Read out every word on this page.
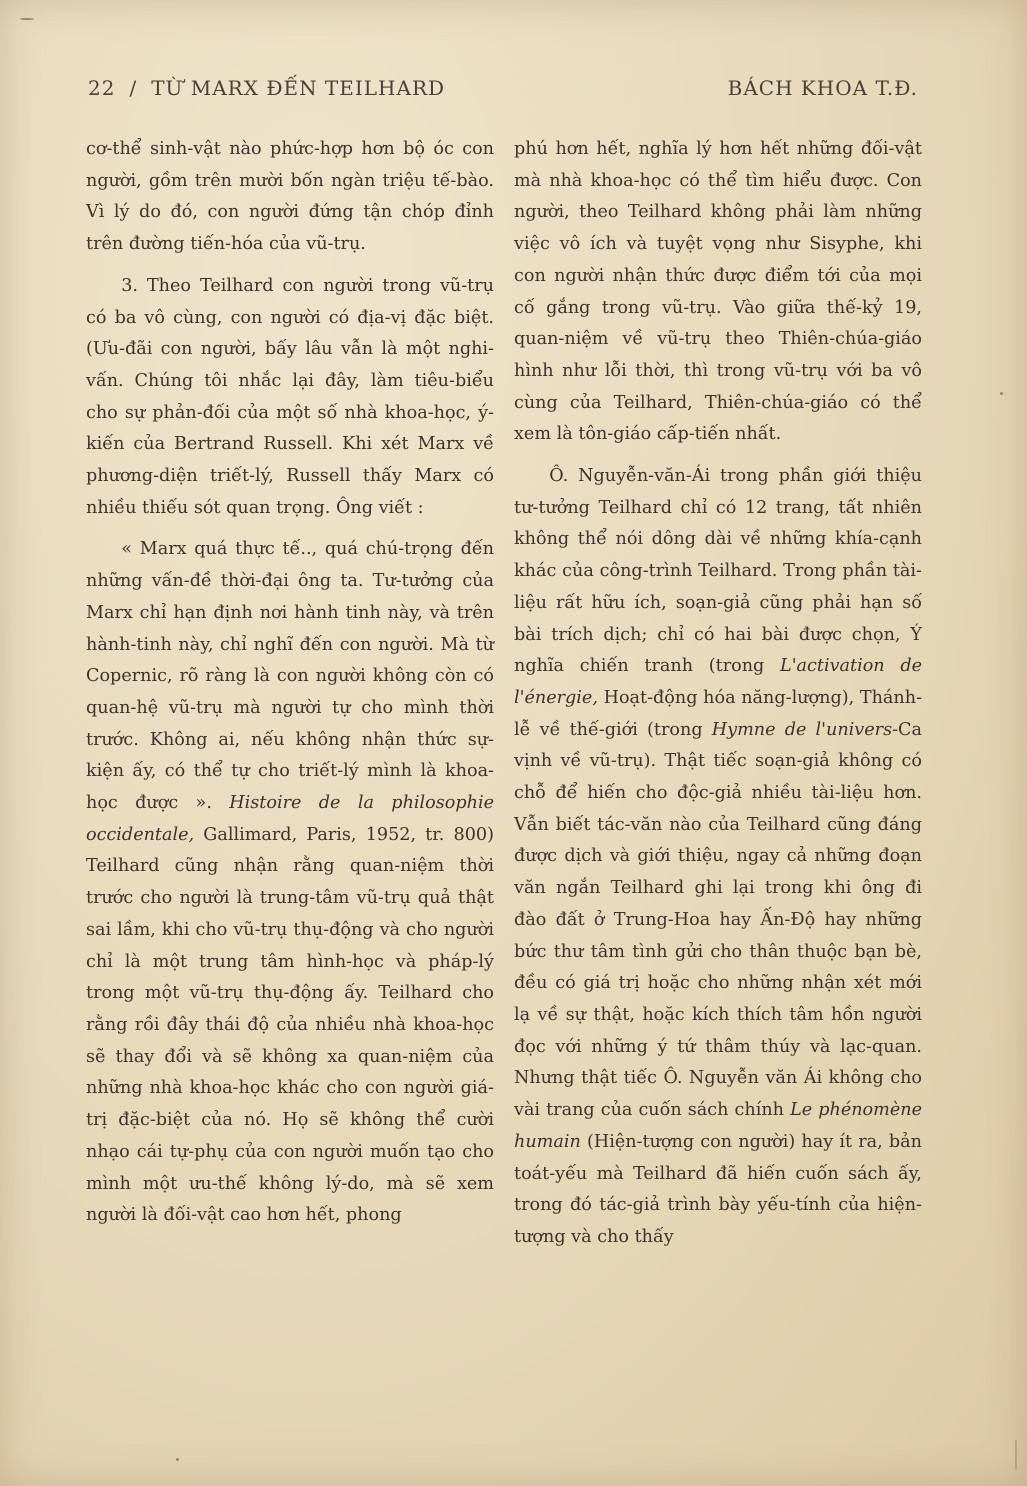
22 / TỪ MARX ĐẾN TEILHARD	BÁCH KHOA T.Đ.

cơ-thể sinh-vật nào phức-hợp hơn bộ óc con người, gồm trên mười bốn ngàn triệu tế-bào. Vì lý do đó, con người đứng tận chóp đỉnh trên đường tiến-hóa của vũ-trụ.

3. Theo Teilhard con người trong vũ-trụ có ba vô cùng, con người có địa-vị đặc biệt. (Ưu-đãi con người, bấy lâu vẫn là một nghi-vấn. Chúng tôi nhắc lại đây, làm tiêu-biểu cho sự phản-đối của một số nhà khoa-học, ý-kiến của Bertrand Russell. Khi xét Marx về phương-diện triết-lý, Russell thấy Marx có nhiều thiếu sót quan trọng. Ông viết :

« Marx quá thực tế.., quá chú-trọng đến những vấn-đề thời-đại ông ta. Tư-tưởng của Marx chỉ hạn định nơi hành tinh này, và trên hành-tinh này, chỉ nghĩ đến con người. Mà từ Copernic, rõ ràng là con người không còn có quan-hệ vũ-trụ mà người tự cho mình thời trước. Không ai, nếu không nhận thức sự-kiện ấy, có thể tự cho triết-lý mình là khoa-học được ». Histoire de la philosophie occidentale, Gallimard, Paris, 1952, tr. 800) Teilhard cũng nhận rằng quan-niệm thời trước cho người là trung-tâm vũ-trụ quả thật sai lầm, khi cho vũ-trụ thụ-động và cho người chỉ là một trung tâm hình-học và pháp-lý trong một vũ-trụ thụ-động ấy. Teilhard cho rằng rồi đây thái độ của nhiều nhà khoa-học sẽ thay đổi và sẽ không xa quan-niệm của những nhà khoa-học khác cho con người giá-trị đặc-biệt của nó. Họ sẽ không thể cười nhạo cái tự-phụ của con người muốn tạo cho mình một ưu-thế không lý-do, mà sẽ xem người là đối-vật cao hơn hết, phong

phú hơn hết, nghĩa lý hơn hết những đối-vật mà nhà khoa-học có thể tìm hiểu được. Con người, theo Teilhard không phải làm những việc vô ích và tuyệt vọng như Sisyphe, khi con người nhận thức được điểm tới của mọi cố gắng trong vũ-trụ. Vào giữa thế-kỷ 19, quan-niệm về vũ-trụ theo Thiên-chúa-giáo hình như lỗi thời, thì trong vũ-trụ với ba vô cùng của Teilhard, Thiên-chúa-giáo có thể xem là tôn-giáo cấp-tiến nhất.

Ô. Nguyễn-văn-Ái trong phần giới thiệu tư-tưởng Teilhard chỉ có 12 trang, tất nhiên không thể nói dông dài về những khía-cạnh khác của công-trình Teilhard. Trong phần tài-liệu rất hữu ích, soạn-giả cũng phải hạn số bài trích dịch; chỉ có hai bài được chọn, Ý nghĩa chiến tranh (trong L'activation de l'énergie, Hoạt-động hóa năng-lượng), Thánh-lễ về thế-giới (trong Hymne de l'univers-Ca vịnh về vũ-trụ). Thật tiếc soạn-giả không có chỗ để hiến cho độc-giả nhiều tài-liệu hơn. Vẫn biết tác-văn nào của Teilhard cũng đáng được dịch và giới thiệu, ngay cả những đoạn văn ngắn Teilhard ghi lại trong khi ông đi đào đất ở Trung-Hoa hay Ấn-Độ hay những bức thư tâm tình gửi cho thân thuộc bạn bè, đều có giá trị hoặc cho những nhận xét mới lạ về sự thật, hoặc kích thích tâm hồn người đọc với những ý tứ thâm thúy và lạc-quan. Nhưng thật tiếc Ô. Nguyễn văn Ái không cho vài trang của cuốn sách chính Le phénomène humain (Hiện-tượng con người) hay ít ra, bản toát-yếu mà Teilhard đã hiến cuốn sách ấy, trong đó tác-giả trình bày yếu-tính của hiện-tượng và cho thấy
